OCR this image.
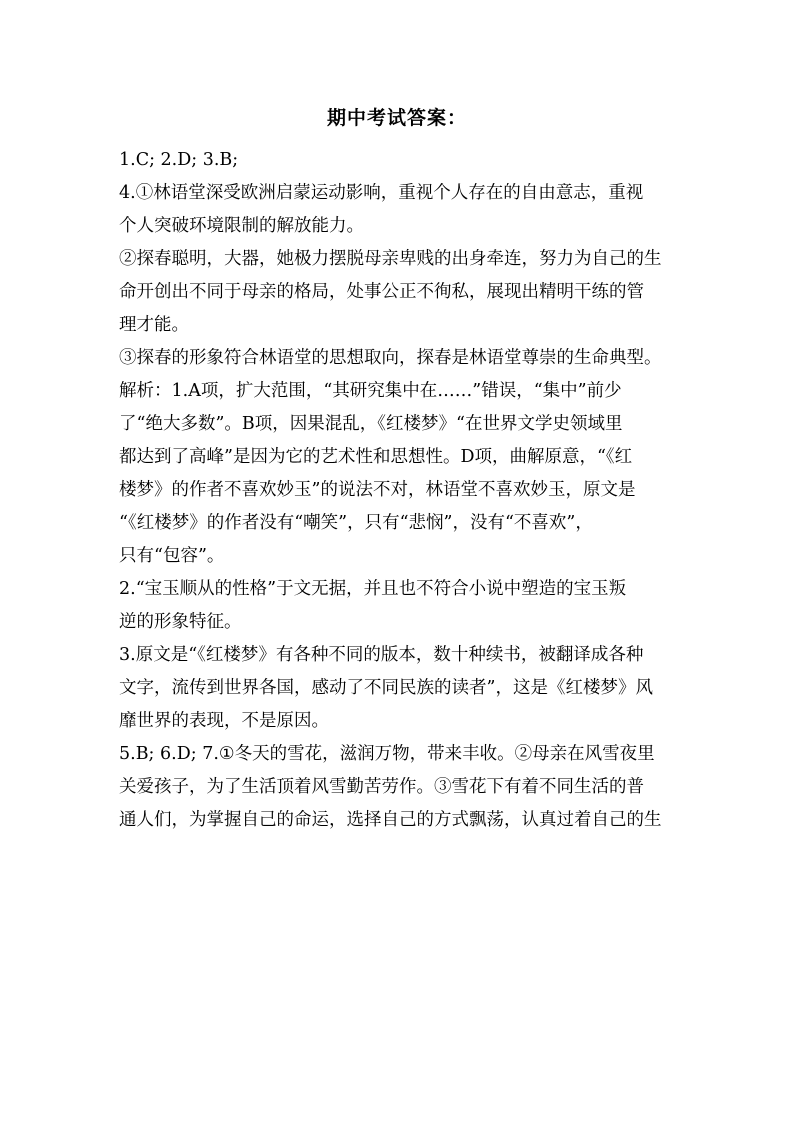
期中考试答案：
1.C; 2.D; 3.B;
4.①林语堂深受欧洲启蒙运动影响，重视个人存在的自由意志，重视
个人突破环境限制的解放能力。
②探春聪明，大器，她极力摆脱母亲卑贱的出身牵连，努力为自己的生
命开创出不同于母亲的格局，处事公正不徇私，展现出精明干练的管
理才能。
③探春的形象符合林语堂的思想取向，探春是林语堂尊崇的生命典型。
解析：1.A项，扩大范围，“其研究集中在……”错误，“集中”前少
了“绝大多数”。B项，因果混乱，《红楼梦》“在世界文学史领域里
都达到了高峰”是因为它的艺术性和思想性。D项，曲解原意，“《红
楼梦》的作者不喜欢妙玉”的说法不对，林语堂不喜欢妙玉，原文是
“《红楼梦》的作者没有“嘲笑”，只有“悲悯”，没有“不喜欢”，
只有“包容”。
2.“宝玉顺从的性格”于文无据，并且也不符合小说中塑造的宝玉叛
逆的形象特征。
3.原文是“《红楼梦》有各种不同的版本，数十种续书，被翻译成各种
文字，流传到世界各国，感动了不同民族的读者”，这是《红楼梦》风
靡世界的表现，不是原因。
5.B; 6.D; 7.①冬天的雪花，滋润万物，带来丰收。②母亲在风雪夜里
关爱孩子，为了生活顶着风雪勤苦劳作。③雪花下有着不同生活的普
通人们，为掌握自己的命运，选择自己的方式飘荡，认真过着自己的生
